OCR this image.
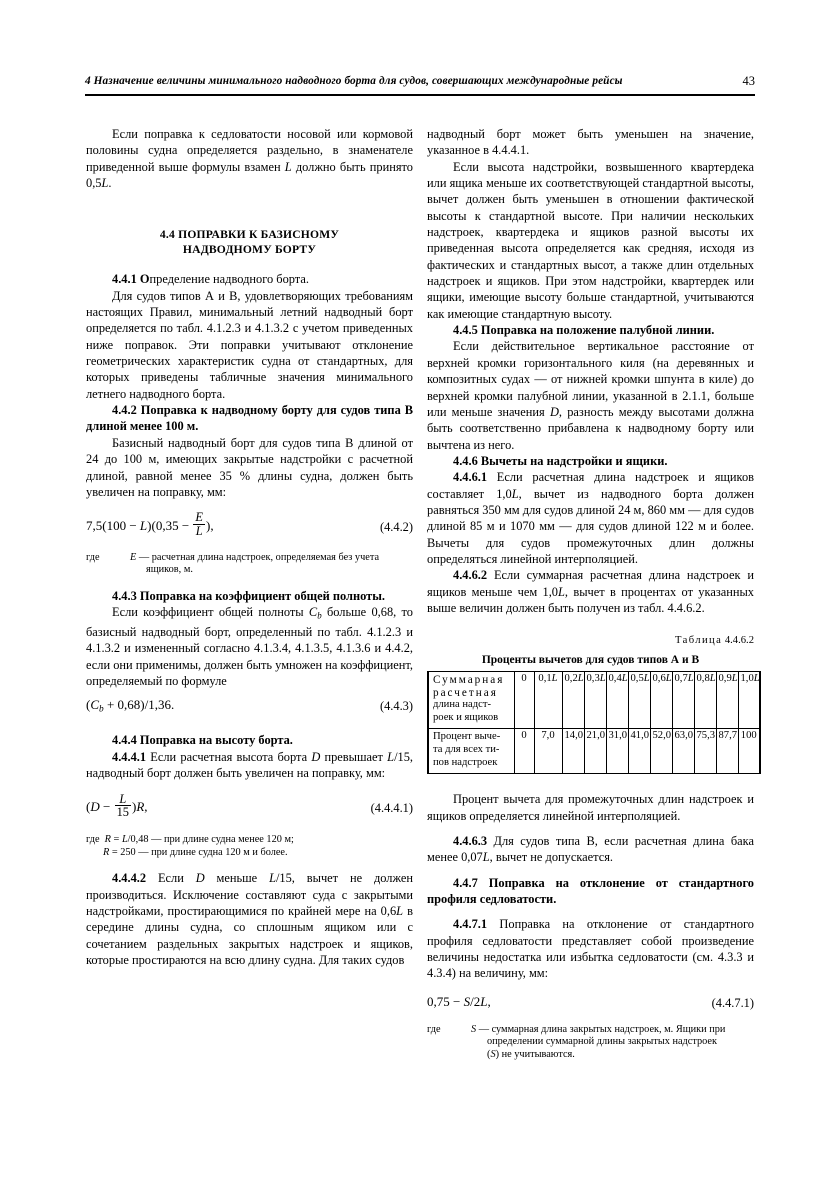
4 Назначение величины минимального надводного борта для судов, совершающих международные рейсы	43

Если поправка к седловатости носовой или кормовой половины судна определяется раздельно, в знаменателе приведенной выше формулы взамен L должно быть принято 0,5L.

4.4 ПОПРАВКИ К БАЗИСНОМУ
НАДВОДНОМУ БОРТУ

4.4.1 Определение надводного борта.

Для судов типов А и В, удовлетворяющих требованиям настоящих Правил, минимальный летний надводный борт определяется по табл. 4.1.2.3 и 4.1.3.2 с учетом приведенных ниже поправок. Эти поправки учитывают отклонение геометрических характеристик судна от стандартных, для которых приведены табличные значения минимального летнего надводного борта.

4.4.2 Поправка к надводному борту для судов типа В длиной менее 100 м.

Базисный надводный борт для судов типа В длиной от 24 до 100 м, имеющих закрытые надстройки с расчетной длиной, равной менее 35 % длины судна, должен быть увеличен на поправку, мм:

$7,5(100 - L)(0,35 - \frac{E}{L}$ ),	(4.4.2)
где	E — расчетная длина надстроек, определяемая без учета
ящиков, м.

4.4.3 Поправка на коэффициент общей полноты.

Если коэффициент общей полноты $C_b$ больше 0,68, то базисный надводный борт, определенный по табл. 4.1.2.3 и 4.1.3.2 и измененный согласно 4.1.3.4, 4.1.3.5, 4.1.3.6 и 4.4.2, если они применимы, должен быть умножен на коэффициент, определяемый по формуле

$(C_b + 0,68)/1,36$.	(4.4.3)

4.4.4 Поправка на высоту борта.

4.4.4.1 Если расчетная высота борта D превышает L/15, надводный борт должен быть увеличен на поправку, мм:

$(D - \frac{L}{15} )R$,	(4.4.4.1)
где  R = L/0,48 — при длине судна менее 120 м;
R = 250 — при длине судна 120 м и более.

4.4.4.2 Если D меньше L/15, вычет не должен производиться. Исключение составляют суда с закрытыми надстройками, простирающимися по крайней мере на 0,6L в середине длины судна, со сплошным ящиком или с сочетанием раздельных закрытых надстроек и ящиков, которые простираются на всю длину судна. Для таких судов

надводный борт может быть уменьшен на значение, указанное в 4.4.4.1.

Если высота надстройки, возвышенного квартердека или ящика меньше их соответствующей стандартной высоты, вычет должен быть уменьшен в отношении фактической высоты к стандартной высоте. При наличии нескольких надстроек, квартердека и ящиков разной высоты их приведенная высота определяется как средняя, исходя из фактических и стандартных высот, а также длин отдельных надстроек и ящиков. При этом надстройки, квартердек или ящики, имеющие высоту больше стандартной, учитываются как имеющие стандартную высоту.

4.4.5 Поправка на положение палубной линии.

Если действительное вертикальное расстояние от верхней кромки горизонтального киля (на деревянных и композитных судах — от нижней кромки шпунта в киле) до верхней кромки палубной линии, указанной в 2.1.1, больше или меньше значения D, разность между высотами должна быть соответственно прибавлена к надводному борту или вычтена из него.

4.4.6 Вычеты на надстройки и ящики.

4.4.6.1 Если расчетная длина надстроек и ящиков составляет 1,0L, вычет из надводного борта должен равняться 350 мм для судов длиной 24 м, 860 мм — для судов длиной 85 м и 1070 мм — для судов длиной 122 м и более. Вычеты для судов промежуточных длин должны определяться линейной интерполяцией.

4.4.6.2 Если суммарная расчетная длина надстроек и ящиков меньше чем 1,0L, вычет в процентах от указанных выше величин должен быть получен из табл. 4.4.6.2.

Таблица 4.4.6.2
Проценты вычетов для судов типов А и В
Суммарная
расчетная
длина надст-
роек и ящиков	0	0,1L	0,2L	0,3L	0,4L	0,5L	0,6L	0,7L	0,8L	0,9L	1,0L

Процент выче-
та для всех ти-
пов надстроек	0	7,0	14,0	21,0	31,0	41,0	52,0	63,0	75,3	87,7	100

Процент вычета для промежуточных длин надстроек и ящиков определяется линейной интерполяцией.

4.4.6.3 Для судов типа В, если расчетная длина бака менее 0,07L, вычет не допускается.

4.4.7 Поправка на отклонение от стандартного профиля седловатости.

4.4.7.1 Поправка на отклонение от стандартного профиля седловатости представляет собой произведение величины недостатка или избытка седловатости (см. 4.3.3 и 4.3.4) на величину, мм:

0,75 − S/2L,	(4.4.7.1)
где	S — суммарная длина закрытых надстроек, м. Ящики при
определении суммарной длины закрытых надстроек
(S) не учитываются.
